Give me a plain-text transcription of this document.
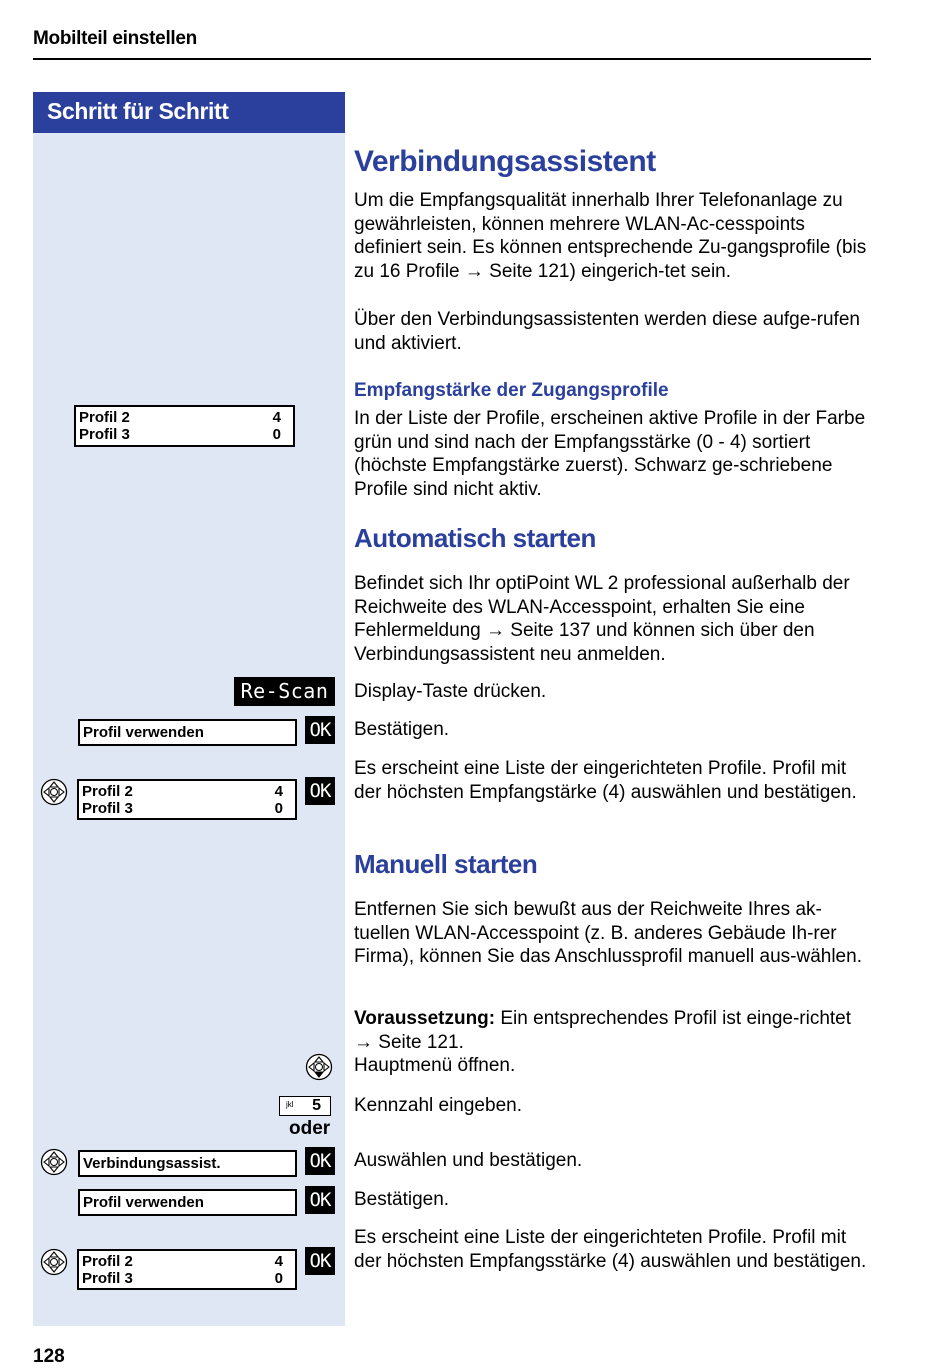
Mobilteil einstellen
Schritt für Schritt
Profil 2	4
Profil 3	0
Re-Scan
Profil verwenden	OK
Profil 2	4
Profil 3	0
OK
jkl 5
oder
Verbindungsassist.	OK
Profil verwenden	OK
Profil 2	4
Profil 3	0
OK
Verbindungsassistent
Um die Empfangsqualität innerhalb Ihrer Telefonanlage zu gewährleisten, können mehrere WLAN-Ac-cesspoints definiert sein. Es können entsprechende Zu-gangsprofile (bis zu 16 Profile → Seite 121) eingerich-tet sein.
Über den Verbindungsassistenten werden diese aufge-rufen und aktiviert.
Empfangstärke der Zugangsprofile
In der Liste der Profile, erscheinen aktive Profile in der Farbe grün und sind nach der Empfangsstärke (0 - 4) sortiert (höchste Empfangstärke zuerst). Schwarz ge-schriebene Profile sind nicht aktiv.
Automatisch starten
Befindet sich Ihr optiPoint WL 2 professional außerhalb der Reichweite des WLAN-Accesspoint, erhalten Sie eine Fehlermeldung → Seite 137 und können sich über den Verbindungsassistent neu anmelden.
Display-Taste drücken.
Bestätigen.
Es erscheint eine Liste der eingerichteten Profile. Profil mit der höchsten Empfangstärke (4) auswählen und bestätigen.
Manuell starten
Entfernen Sie sich bewußt aus der Reichweite Ihres ak-tuellen WLAN-Accesspoint (z. B. anderes Gebäude Ih-rer Firma), können Sie das Anschlussprofil manuell aus-wählen.
Voraussetzung: Ein entsprechendes Profil ist einge-richtet → Seite 121.
Hauptmenü öffnen.
Kennzahl eingeben.
Auswählen und bestätigen.
Bestätigen.
Es erscheint eine Liste der eingerichteten Profile. Profil mit der höchsten Empfangsstärke (4) auswählen und bestätigen.
128
